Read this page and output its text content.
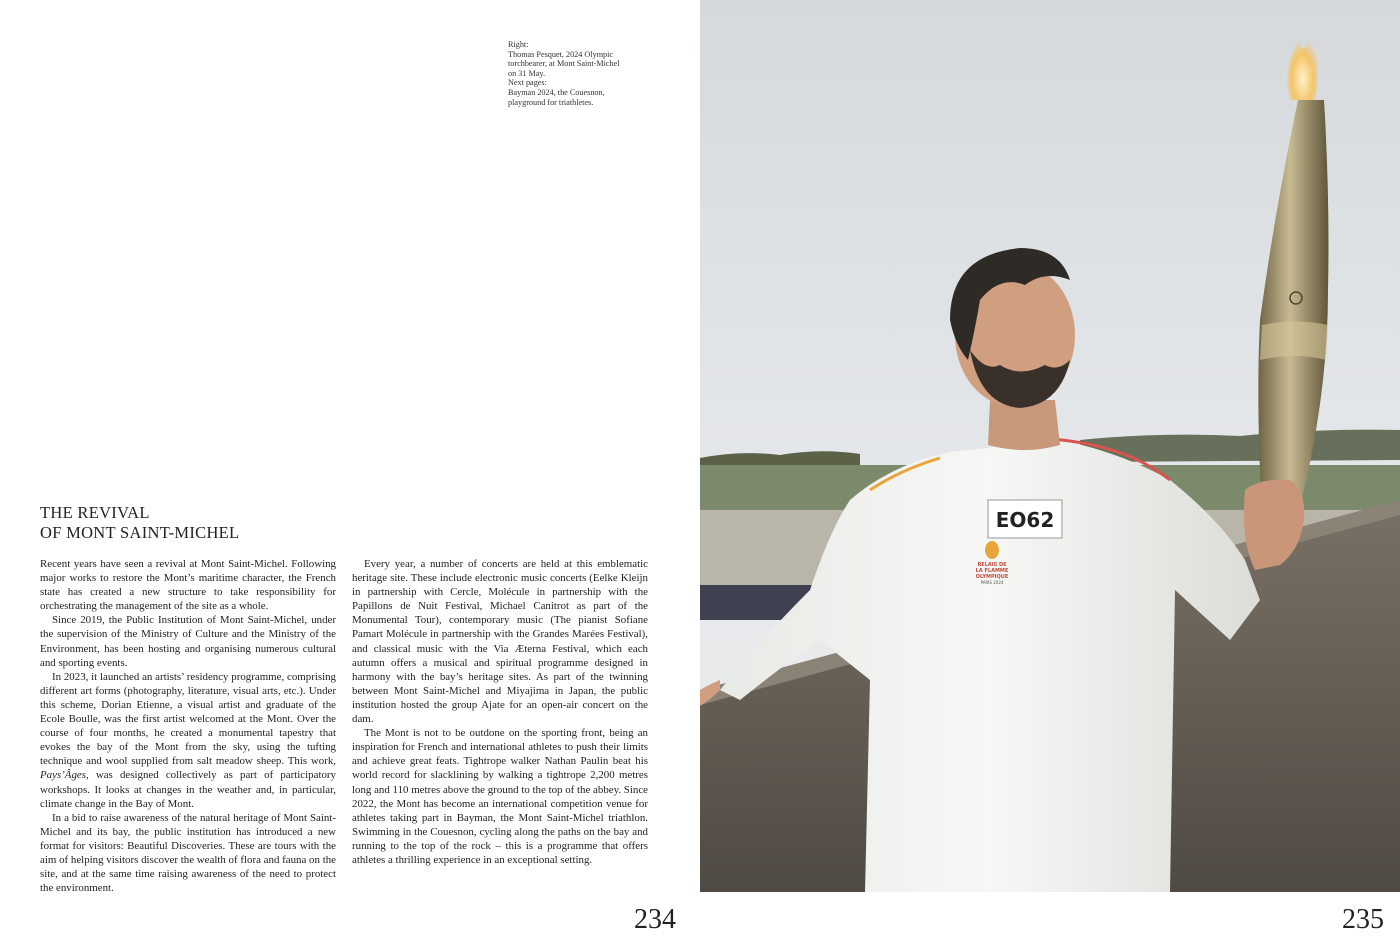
Right:
Thomas Pesquet, 2024 Olympic
torchbearer, at Mont Saint-Michel
on 31 May.
Next pages:
Bayman 2024, the Couesnon,
playground for triathletes.
THE REVIVAL
OF MONT SAINT-MICHEL

Recent years have seen a revival at Mont Saint-Michel. Following major works to restore the Mont’s maritime character, the French state has created a new structure to take responsibility for orchestrating the management of the site as a whole.

Since 2019, the Public Institution of Mont Saint-Michel, under the supervision of the Ministry of Culture and the Ministry of the Environment, has been hosting and organising numerous cultural and sporting events.

In 2023, it launched an artists’ residency programme, comprising different art forms (photography, literature, visual arts, etc.). Under this scheme, Dorian Etienne, a visual artist and graduate of the Ecole Boulle, was the first artist welcomed at the Mont. Over the course of four months, he created a monumental tapestry that evokes the bay of the Mont from the sky, using the tufting technique and wool supplied from salt meadow sheep. This work, Pays’Âges, was designed collectively as part of participatory workshops. It looks at changes in the weather and, in particular, climate change in the Bay of Mont.

In a bid to raise awareness of the natural heritage of Mont Saint-Michel and its bay, the public institution has introduced a new format for visitors: Beautiful Discoveries. These are tours with the aim of helping visitors discover the wealth of flora and fauna on the site, and at the same time raising awareness of the need to protect the environment.

Every year, a number of concerts are held at this emblematic heritage site. These include electronic music concerts (Eelke Kleijn in partnership with Cercle, Molécule in partnership with the Papillons de Nuit Festival, Michael Canitrot as part of the Monumental Tour), contemporary music (The pianist Sofiane Pamart Molécule in partnership with the Grandes Marées Festival), and classical music with the Via Æterna Festival, which each autumn offers a musical and spiritual programme designed in harmony with the bay’s heritage sites. As part of the twinning between Mont Saint-Michel and Miyajima in Japan, the public institution hosted the group Ajate for an open-air concert on the dam.

The Mont is not to be outdone on the sporting front, being an inspiration for French and international athletes to push their limits and achieve great feats. Tightrope walker Nathan Paulin beat his world record for slacklining by walking a tightrope 2,200 metres long and 110 metres above the ground to the top of the abbey. Since 2022, the Mont has become an international competition venue for athletes taking part in Bayman, the Mont Saint-Michel triathlon. Swimming in the Couesnon, cycling along the paths on the bay and running to the top of the rock – this is a programme that offers athletes a thrilling experience in an exceptional setting.

234	235
EO62
RELAIS DE
LA FLAMME
OLYMPIQUE
PARIS 2024
